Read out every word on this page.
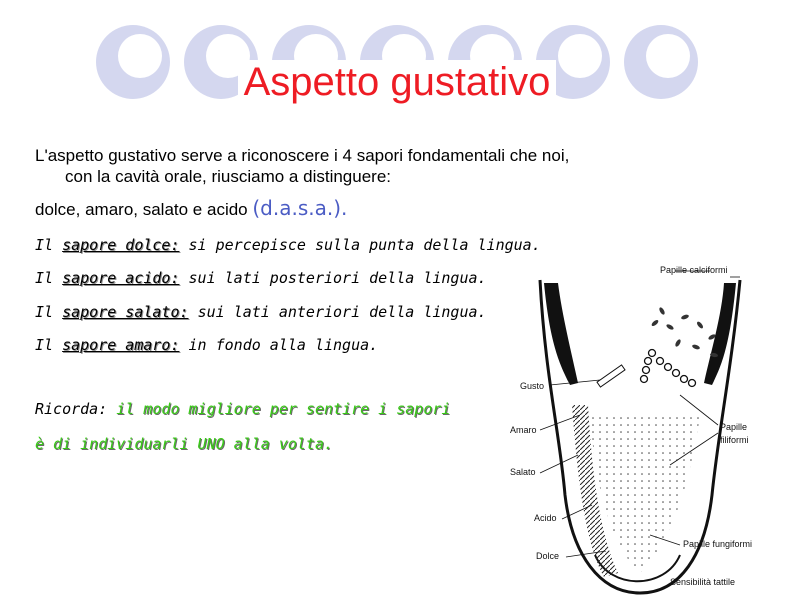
Aspetto gustativo
L'aspetto gustativo serve a riconoscere i 4 sapori fondamentali che noi,
con la cavità orale, riusciamo a distinguere:
dolce, amaro, salato e acido (d.a.s.a.).
Il sapore dolce: si percepisce sulla punta della lingua.
Il sapore acido: sui lati posteriori della lingua.
Il sapore salato: sui lati anteriori della lingua.
Il sapore amaro: in fondo alla lingua.
Ricorda: il modo migliore per sentire i sapori
è di individuarli UNO alla volta.
Papille calciformi
Gusto
Amaro
Salato
Acido
Dolce
Papille
filiformi
Papille fungiformi
Sensibilità tattile
